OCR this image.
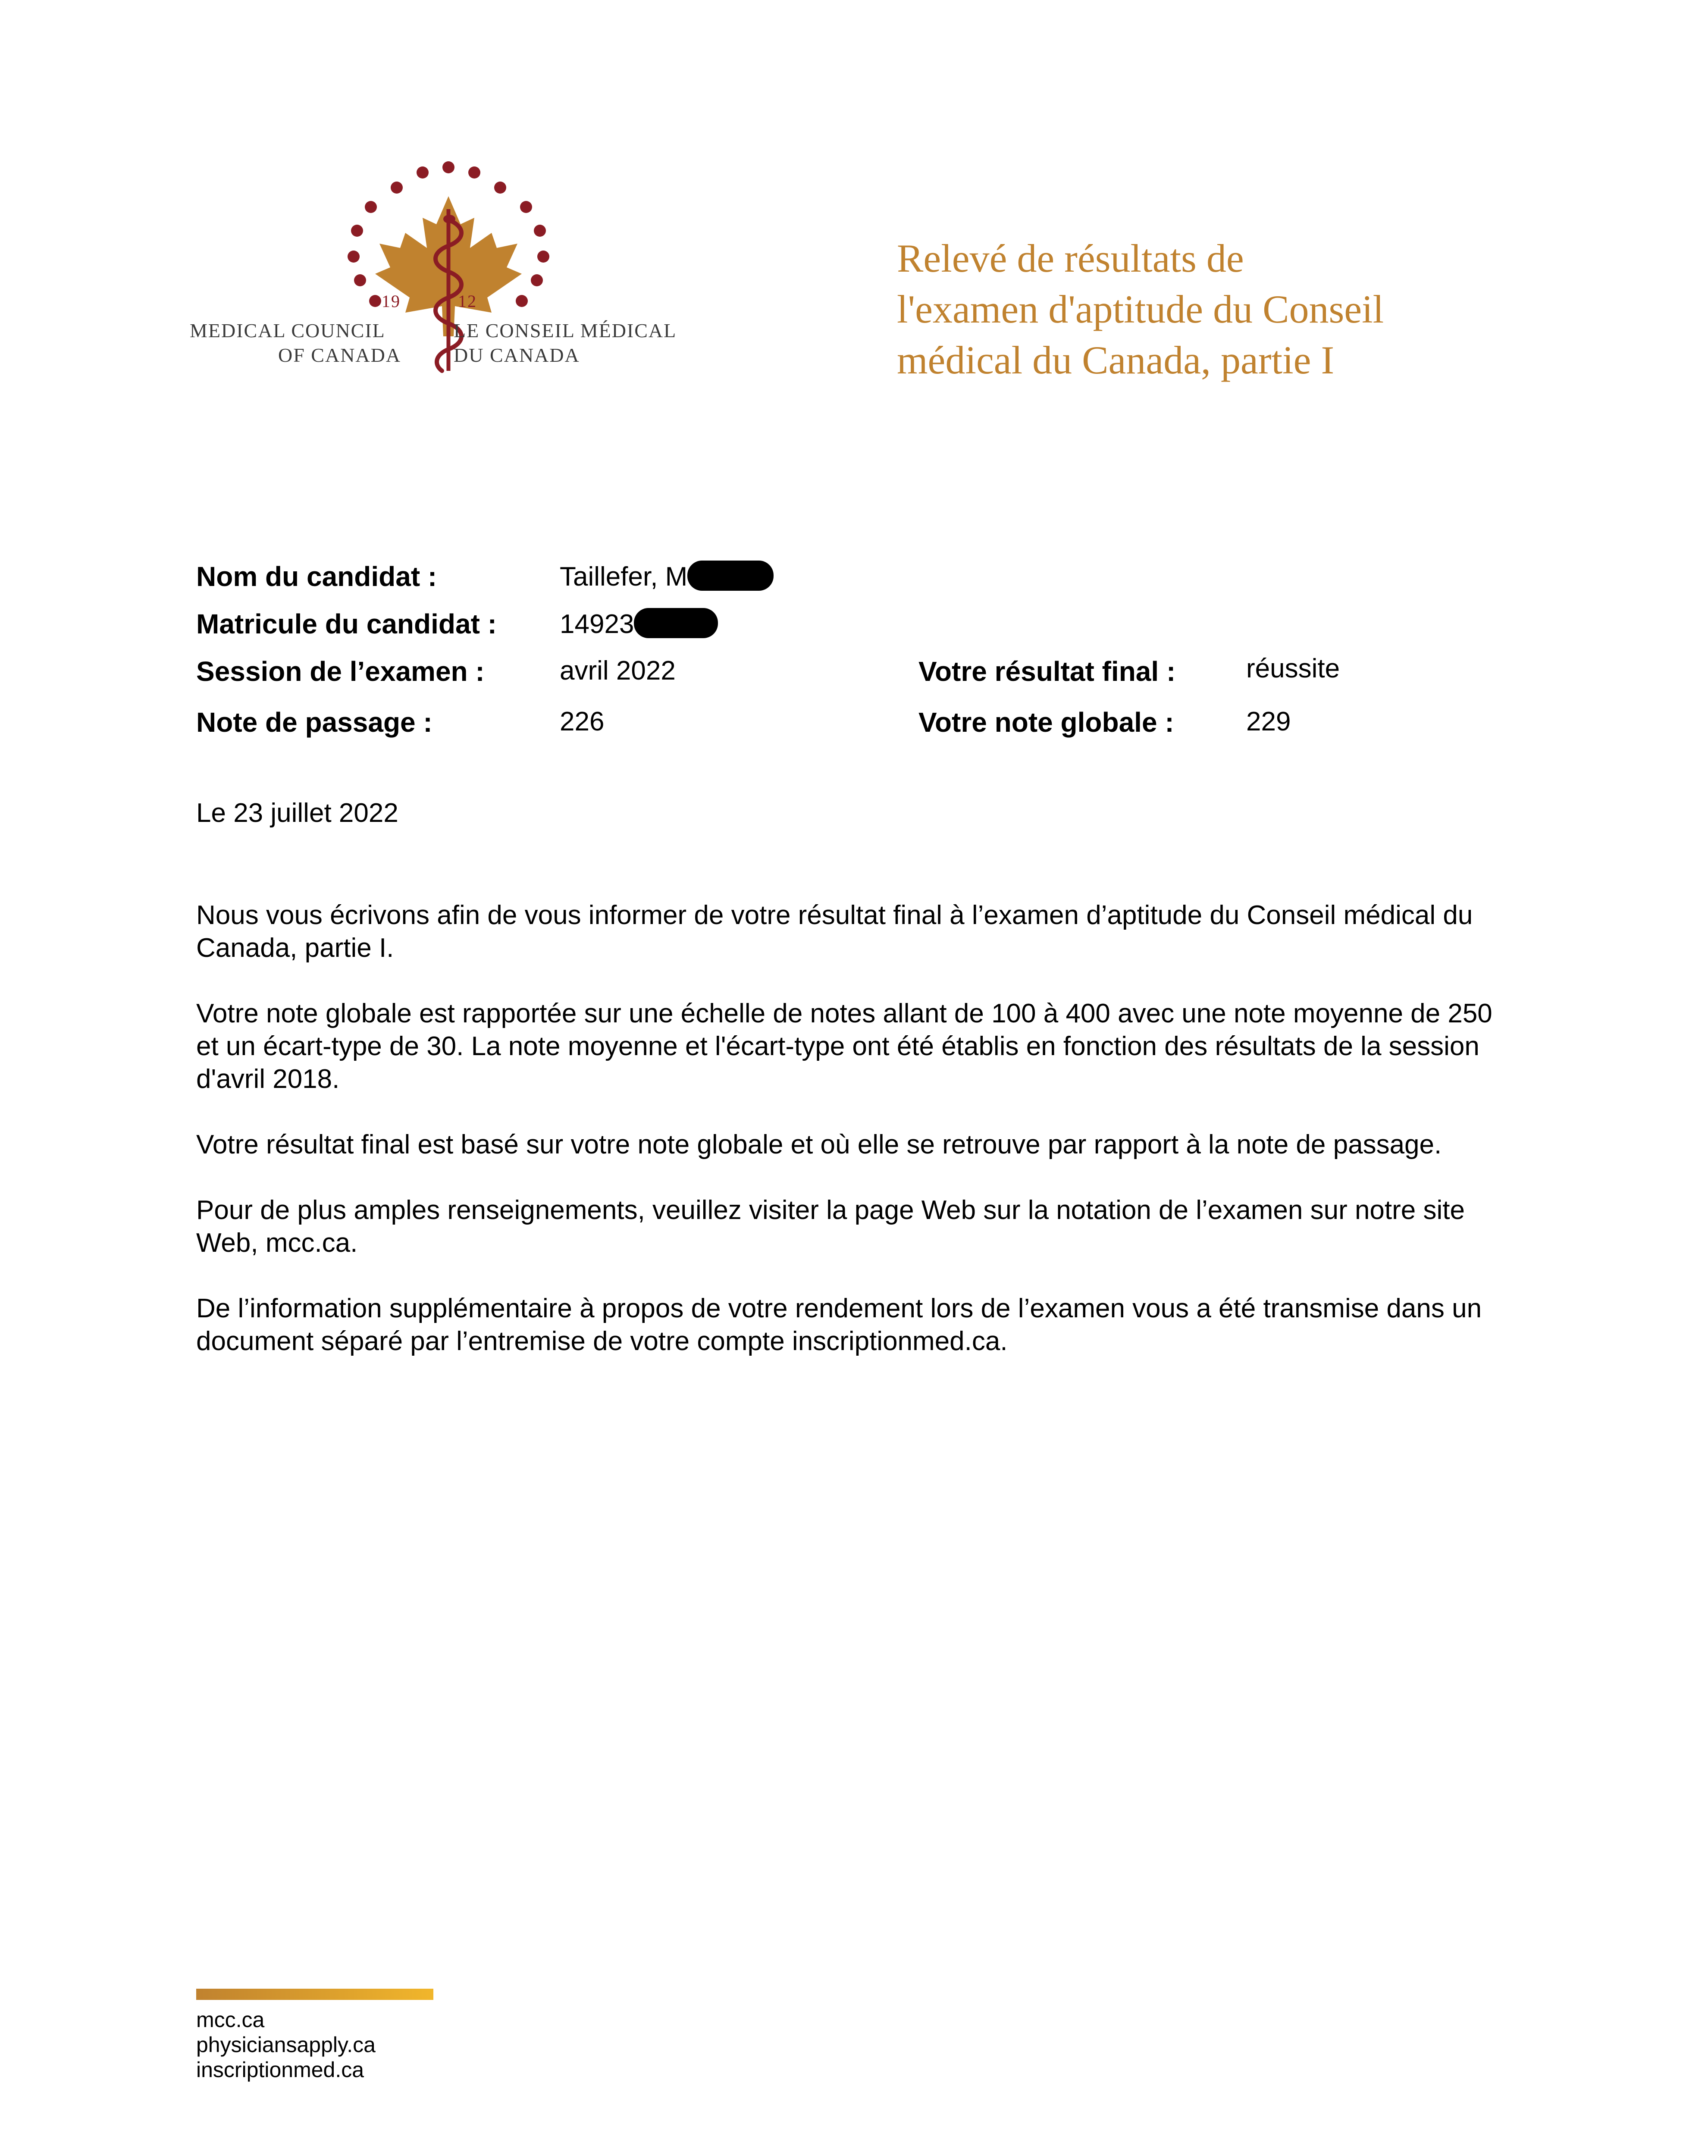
19	12
MEDICAL COUNCIL
OF CANADA
LE CONSEIL MÉDICAL
DU CANADA
Relevé de résultats de
l'examen d'aptitude du Conseil
médical du Canada, partie I
Nom du candidat :	Taillefer, M
Matricule du candidat : 14923
Session de l’examen :	avril 2022	Votre résultat final :	réussite
Note de passage :	226	Votre note globale :	229
Le 23 juillet 2022

Nous vous écrivons afin de vous informer de votre résultat final à l’examen d’aptitude du Conseil médical du Canada, partie I.

Votre note globale est rapportée sur une échelle de notes allant de 100 à 400 avec une note moyenne de 250 et un écart-type de 30. La note moyenne et l'écart-type ont été établis en fonction des résultats de la session d'avril 2018.

Votre résultat final est basé sur votre note globale et où elle se retrouve par rapport à la note de passage.

Pour de plus amples renseignements, veuillez visiter la page Web sur la notation de l’examen sur notre site Web, mcc.ca.

De l’information supplémentaire à propos de votre rendement lors de l’examen vous a été transmise dans un document séparé par l’entremise de votre compte inscriptionmed.ca.

mcc.ca
physiciansapply.ca
inscriptionmed.ca
